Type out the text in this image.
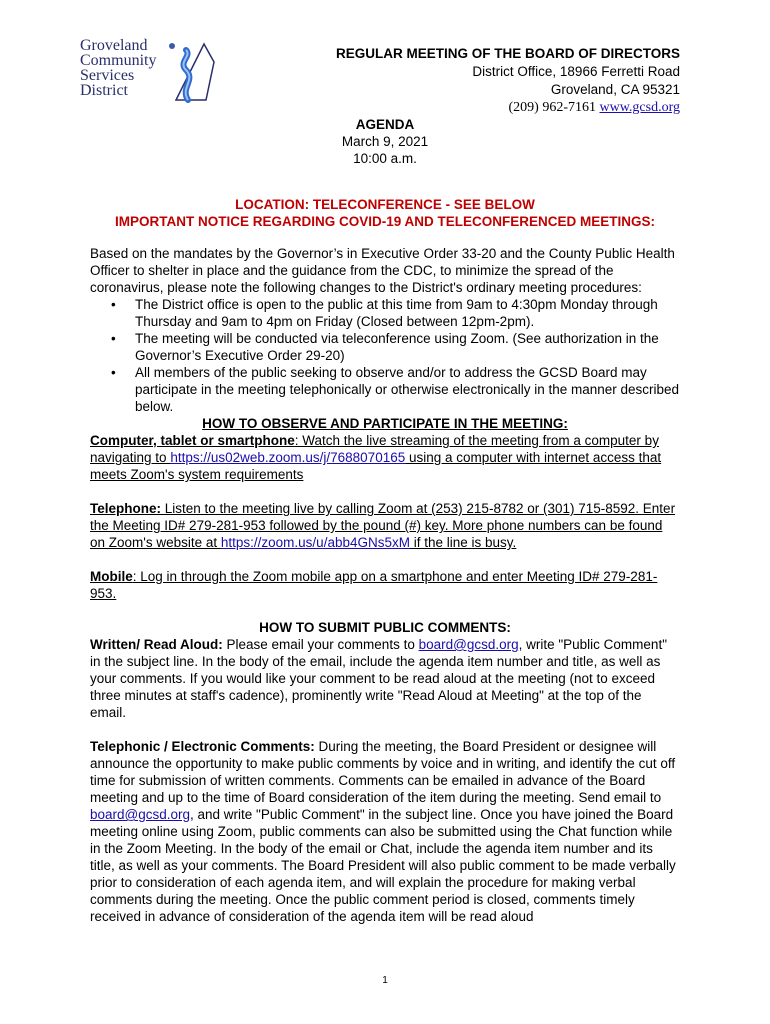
Groveland
Community
Services
District
REGULAR MEETING OF THE BOARD OF DIRECTORS
District Office, 18966 Ferretti Road
Groveland, CA 95321
(209) 962-7161 www.gcsd.org
AGENDA
March 9, 2021
10:00 a.m.
LOCATION: TELECONFERENCE - SEE BELOW
IMPORTANT NOTICE REGARDING COVID-19 AND TELECONFERENCED MEETINGS:

Based on the mandates by the Governor’s in Executive Order 33-20 and the County Public Health Officer to shelter in place and the guidance from the CDC, to minimize the spread of the coronavirus, please note the following changes to the District's ordinary meeting procedures:

• The District office is open to the public at this time from 9am to 4:30pm Monday through Thursday and 9am to 4pm on Friday (Closed between 12pm-2pm).
• The meeting will be conducted via teleconference using Zoom. (See authorization in the Governor’s Executive Order 29-20)
• All members of the public seeking to observe and/or to address the GCSD Board may participate in the meeting telephonically or otherwise electronically in the manner described below.

HOW TO OBSERVE AND PARTICIPATE IN THE MEETING:

Computer, tablet or smartphone: Watch the live streaming of the meeting from a computer by navigating to https://us02web.zoom.us/j/7688070165 using a computer with internet access that meets Zoom's system requirements

Telephone: Listen to the meeting live by calling Zoom at (253) 215-8782 or (301) 715-8592. Enter the Meeting ID# 279-281-953 followed by the pound (#) key. More phone numbers can be found on Zoom's website at https://zoom.us/u/abb4GNs5xM if the line is busy.

Mobile: Log in through the Zoom mobile app on a smartphone and enter Meeting ID# 279-281-953.

HOW TO SUBMIT PUBLIC COMMENTS:

Written/ Read Aloud: Please email your comments to board@gcsd.org, write "Public Comment" in the subject line. In the body of the email, include the agenda item number and title, as well as your comments. If you would like your comment to be read aloud at the meeting (not to exceed three minutes at staff's cadence), prominently write "Read Aloud at Meeting" at the top of the email.

Telephonic / Electronic Comments: During the meeting, the Board President or designee will announce the opportunity to make public comments by voice and in writing, and identify the cut off time for submission of written comments. Comments can be emailed in advance of the Board meeting and up to the time of Board consideration of the item during the meeting. Send email to board@gcsd.org, and write "Public Comment" in the subject line. Once you have joined the Board meeting online using Zoom, public comments can also be submitted using the Chat function while in the Zoom Meeting. In the body of the email or Chat, include the agenda item number and its title, as well as your comments. The Board President will also public comment to be made verbally prior to consideration of each agenda item, and will explain the procedure for making verbal comments during the meeting. Once the public comment period is closed, comments timely received in advance of consideration of the agenda item will be read aloud

1
